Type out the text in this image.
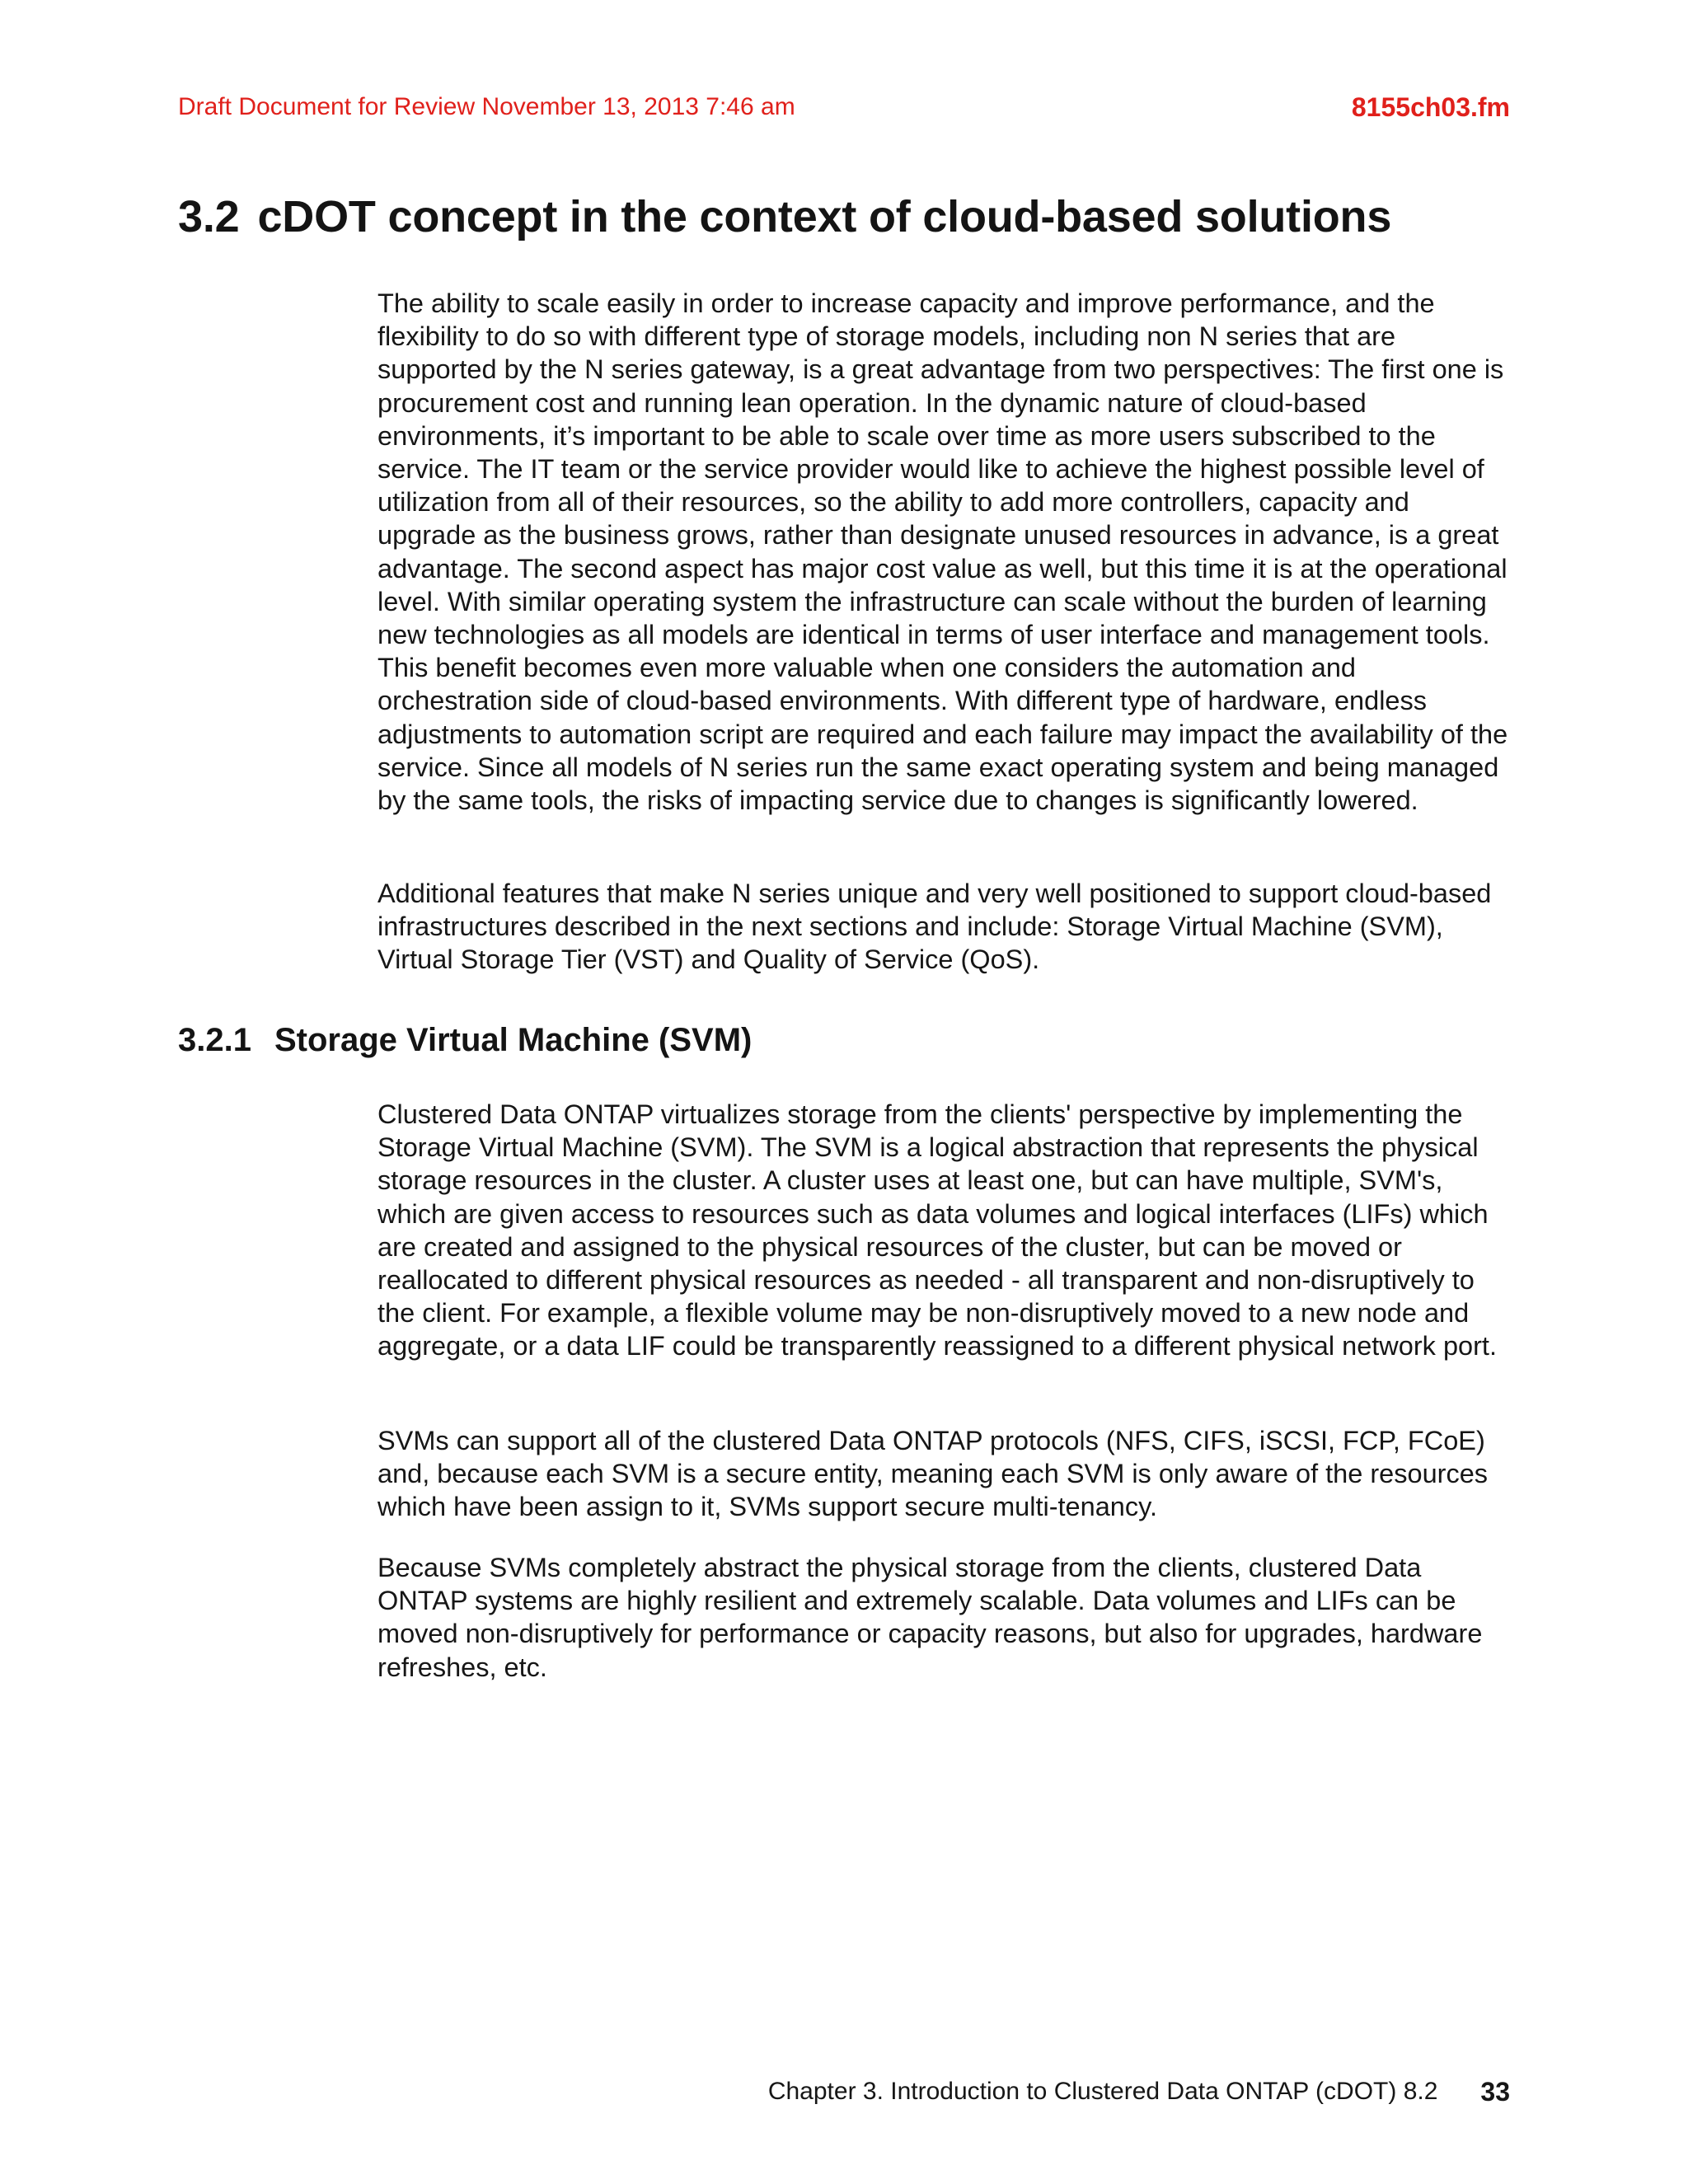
Draft Document for Review November 13, 2013 7:46 am	8155ch03.fm
3.2 cDOT concept in the context of cloud-based solutions

The ability to scale easily in order to increase capacity and improve performance, and the flexibility to do so with different type of storage models, including non N series that are supported by the N series gateway, is a great advantage from two perspectives: The first one is procurement cost and running lean operation. In the dynamic nature of cloud-based environments, it’s important to be able to scale over time as more users subscribed to the service. The IT team or the service provider would like to achieve the highest possible level of utilization from all of their resources, so the ability to add more controllers, capacity and upgrade as the business grows, rather than designate unused resources in advance, is a great advantage. The second aspect has major cost value as well, but this time it is at the operational level. With similar operating system the infrastructure can scale without the burden of learning new technologies as all models are identical in terms of user interface and management tools. This benefit becomes even more valuable when one considers the automation and orchestration side of cloud-based environments. With different type of hardware, endless adjustments to automation script are required and each failure may impact the availability of the service. Since all models of N series run the same exact operating system and being managed by the same tools, the risks of impacting service due to changes is significantly lowered.

Additional features that make N series unique and very well positioned to support cloud-based infrastructures described in the next sections and include: Storage Virtual Machine (SVM), Virtual Storage Tier (VST) and Quality of Service (QoS).

3.2.1 Storage Virtual Machine (SVM)

Clustered Data ONTAP virtualizes storage from the clients' perspective by implementing the Storage Virtual Machine (SVM). The SVM is a logical abstraction that represents the physical storage resources in the cluster. A cluster uses at least one, but can have multiple, SVM's, which are given access to resources such as data volumes and logical interfaces (LIFs) which are created and assigned to the physical resources of the cluster, but can be moved or reallocated to different physical resources as needed - all transparent and non-disruptively to the client. For example, a flexible volume may be non-disruptively moved to a new node and aggregate, or a data LIF could be transparently reassigned to a different physical network port.

SVMs can support all of the clustered Data ONTAP protocols (NFS, CIFS, iSCSI, FCP, FCoE) and, because each SVM is a secure entity, meaning each SVM is only aware of the resources which have been assign to it, SVMs support secure multi-tenancy.

Because SVMs completely abstract the physical storage from the clients, clustered Data ONTAP systems are highly resilient and extremely scalable. Data volumes and LIFs can be moved non-disruptively for performance or capacity reasons, but also for upgrades, hardware refreshes, etc.

Chapter 3. Introduction to Clustered Data ONTAP (cDOT) 8.2 33
